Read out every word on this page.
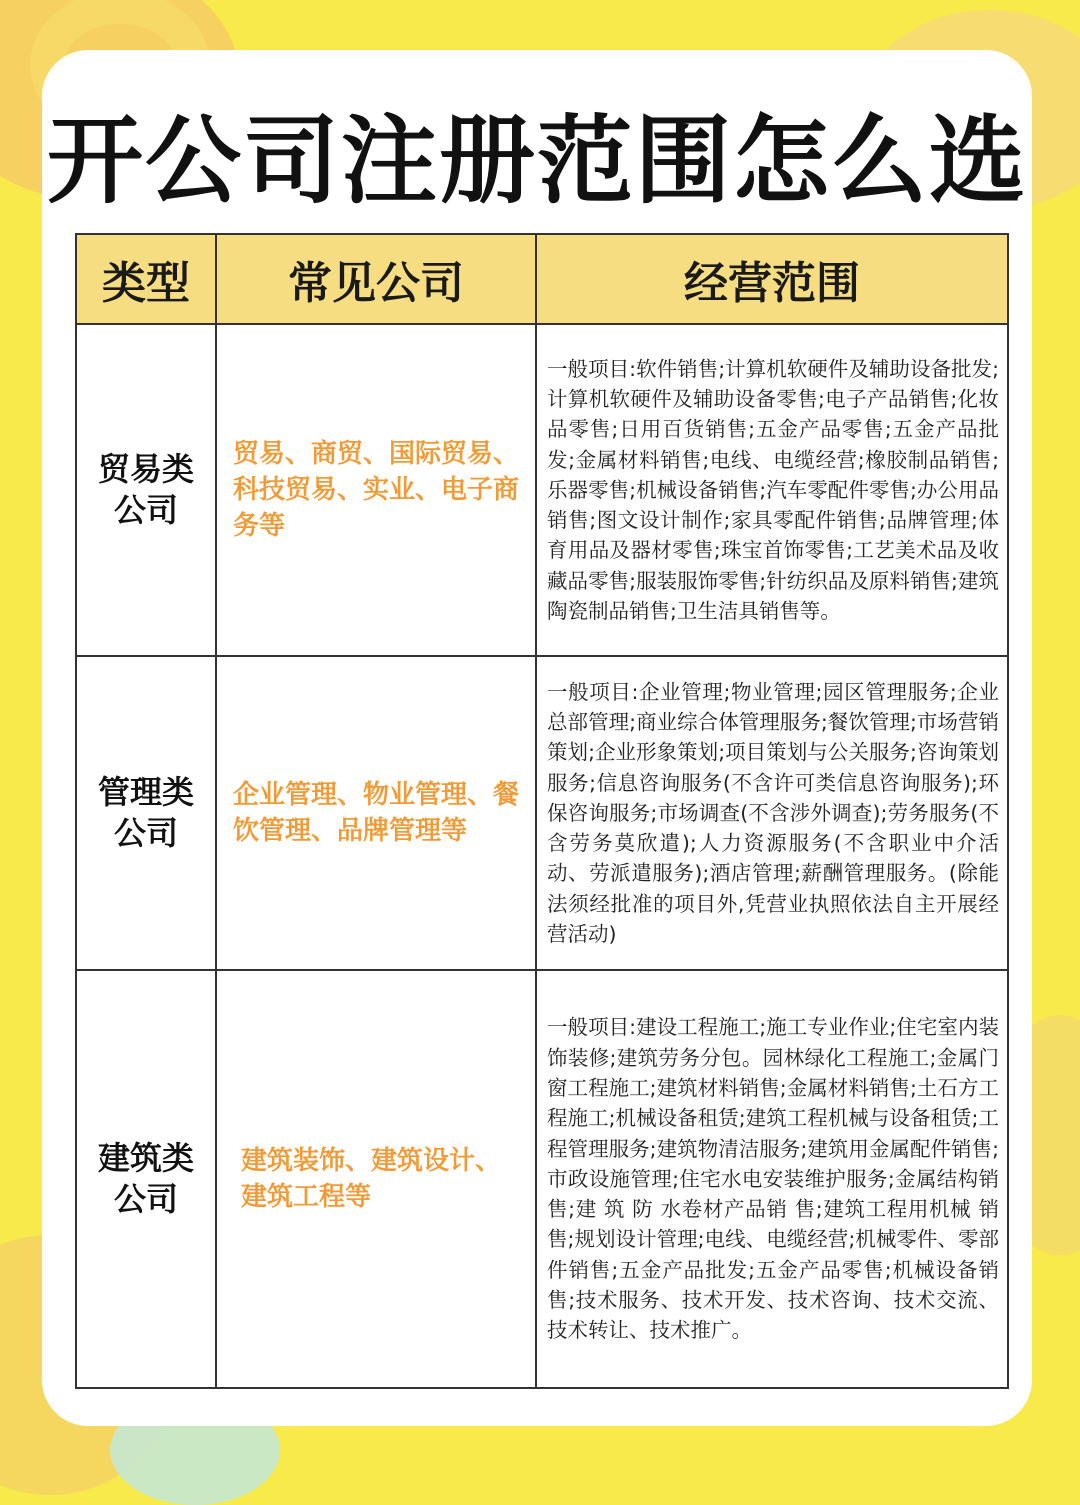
开公司注册范围怎么选
类型	常见公司	经营范围

贸易类
公司	贸易、商贸、国际贸易、科技贸易、实业、电子商务等	一般项目:软件销售;计算机软硬件及辅助设备批发;计算机软硬件及辅助设备零售;电子产品销售;化妆品零售;日用百货销售;五金产品零售;五金产品批发;金属材料销售;电线、电缆经营;橡胶制品销售;乐器零售;机械设备销售;汽车零配件零售;办公用品销售;图文设计制作;家具零配件销售;品牌管理;体育用品及器材零售;珠宝首饰零售;工艺美术品及收藏品零售;服装服饰零售;针纺织品及原料销售;建筑陶瓷制品销售;卫生洁具销售等。

管理类
公司	企业管理、物业管理、餐饮管理、品牌管理等	一般项目:企业管理;物业管理;园区管理服务;企业总部管理;商业综合体管理服务;餐饮管理;市场营销策划;企业形象策划;项目策划与公关服务;咨询策划服务;信息咨询服务(不含许可类信息咨询服务);环保咨询服务;市场调查(不含涉外调查);劳务服务(不含劳务莫欣遣);人力资源服务(不含职业中介活动、劳派遣服务);酒店管理;薪酬管理服务。(除能法须经批准的项目外,凭营业执照依法自主开展经营活动)

建筑类
公司	建筑装饰、建筑设计、建筑工程等	一般项目:建设工程施工;施工专业作业;住宅室内装饰装修;建筑劳务分包。园林绿化工程施工;金属门窗工程施工;建筑材料销售;金属材料销售;土石方工程施工;机械设备租赁;建筑工程机械与设备租赁;工程管理服务;建筑物清洁服务;建筑用金属配件销售;市政设施管理;住宅水电安装维护服务;金属结构销售;建 筑 防 水卷材产品销 售;建筑工程用机械 销售;规划设计管理;电线、电缆经营;机械零件、零部件销售;五金产品批发;五金产品零售;机械设备销售;技术服务、技术开发、技术咨询、技术交流、技术转让、技术推广。
